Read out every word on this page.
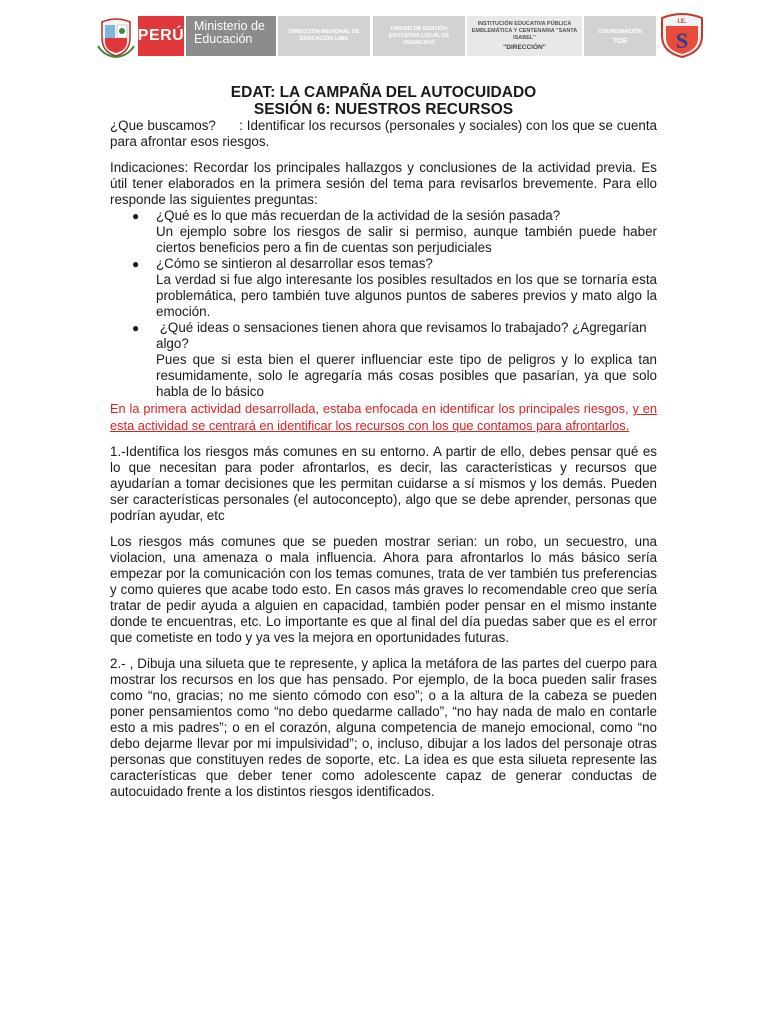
PERÚ
Ministerio de Educación	DIRECCIÓN REGIONAL DE EDUCACIÓN LIMA
UNIDAD DE GESTIÓN EDUCATIVA LOCAL DE HUANCAYO
INSTITUCIÓN EDUCATIVA PÚBLICA EMBLEMÁTICA Y CENTENARIA "SANTA ISABEL"
"DIRECCIÓN"
COORDINACIÓN
TOE
I.E.
S
EDAT: LA CAMPAÑA DEL AUTOCUIDADO
SESIÓN 6: NUESTROS RECURSOS

¿Que buscamos?      : Identificar los recursos (personales y sociales) con los que se cuenta para afrontar esos riesgos.

Indicaciones: Recordar los principales hallazgos y conclusiones de la actividad previa. Es útil tener elaborados en la primera sesión del tema para revisarlos brevemente. Para ello responde las siguientes preguntas:

● ¿Qué es lo que más recuerdan de la actividad de la sesión pasada?
Un ejemplo sobre los riesgos de salir si permiso, aunque también puede haber ciertos beneficios pero a fin de cuentas son perjudiciales
● ¿Cómo se sintieron al desarrollar esos temas?
La verdad si fue algo interesante los posibles resultados en los que se tornaría esta problemática, pero también tuve algunos puntos de saberes previos y mato algo la emoción.
● ¿Qué ideas o sensaciones tienen ahora que revisamos lo trabajado? ¿Agregarían algo?
Pues que si esta bien el querer influenciar este tipo de peligros y lo explica tan resumidamente, solo le agregaría más cosas posibles que pasarían, ya que solo habla de lo básico

En la primera actividad desarrollada, estaba enfocada en identificar los principales riesgos, y en esta actividad se centrará en identificar los recursos con los que contamos para afrontarlos.

1.-Identifica los riesgos más comunes en su entorno. A partir de ello, debes pensar qué es lo que necesitan para poder afrontarlos, es decir, las características y recursos que ayudarían a tomar decisiones que les permitan cuidarse a sí mismos y los demás. Pueden ser características personales (el autoconcepto), algo que se debe aprender, personas que podrían ayudar, etc

Los riesgos más comunes que se pueden mostrar serian: un robo, un secuestro, una violacion, una amenaza o mala influencia. Ahora para afrontarlos lo más básico sería empezar por la comunicación con los temas comunes, trata de ver también tus preferencias y como quieres que acabe todo esto. En casos más graves lo recomendable creo que sería tratar de pedir ayuda a alguien en capacidad, también poder pensar en el mismo instante donde te encuentras, etc. Lo importante es que al final del día puedas saber que es el error que cometiste en todo y ya ves la mejora en oportunidades futuras.

2.- , Dibuja una silueta que te represente, y aplica la metáfora de las partes del cuerpo para mostrar los recursos en los que has pensado. Por ejemplo, de la boca pueden salir frases como “no, gracias; no me siento cómodo con eso”; o a la altura de la cabeza se pueden poner pensamientos como “no debo quedarme callado”, “no hay nada de malo en contarle esto a mis padres”; o en el corazón, alguna competencia de manejo emocional, como “no debo dejarme llevar por mi impulsividad”; o, incluso, dibujar a los lados del personaje otras personas que constituyen redes de soporte, etc. La idea es que esta silueta represente las características que deber tener como adolescente capaz de generar conductas de autocuidado frente a los distintos riesgos identificados.
